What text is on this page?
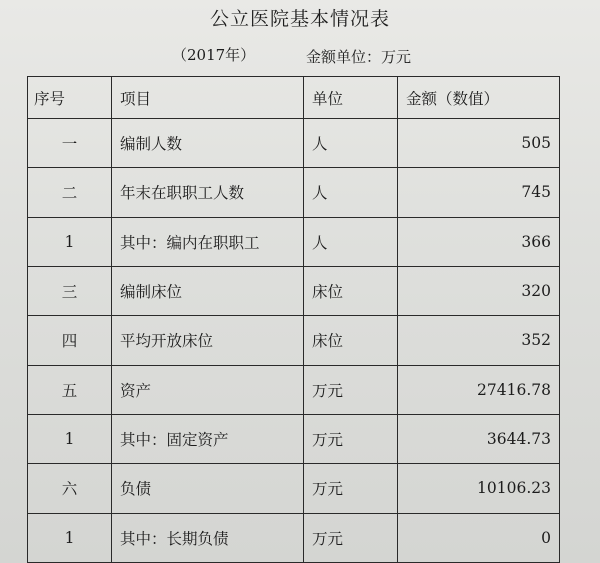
公立医院基本情况表
（2017年）	金额单位：万元
序号	项目	单位	金额（数值）
一	编制人数	人	505
二	年末在职职工人数	人	745
1	其中：编内在职职工	人	366
三	编制床位	床位	320
四	平均开放床位	床位	352
五	资产	万元	27416.78
1	其中：固定资产	万元	3644.73
六	负债	万元	10106.23
1	其中：长期负债	万元	0
